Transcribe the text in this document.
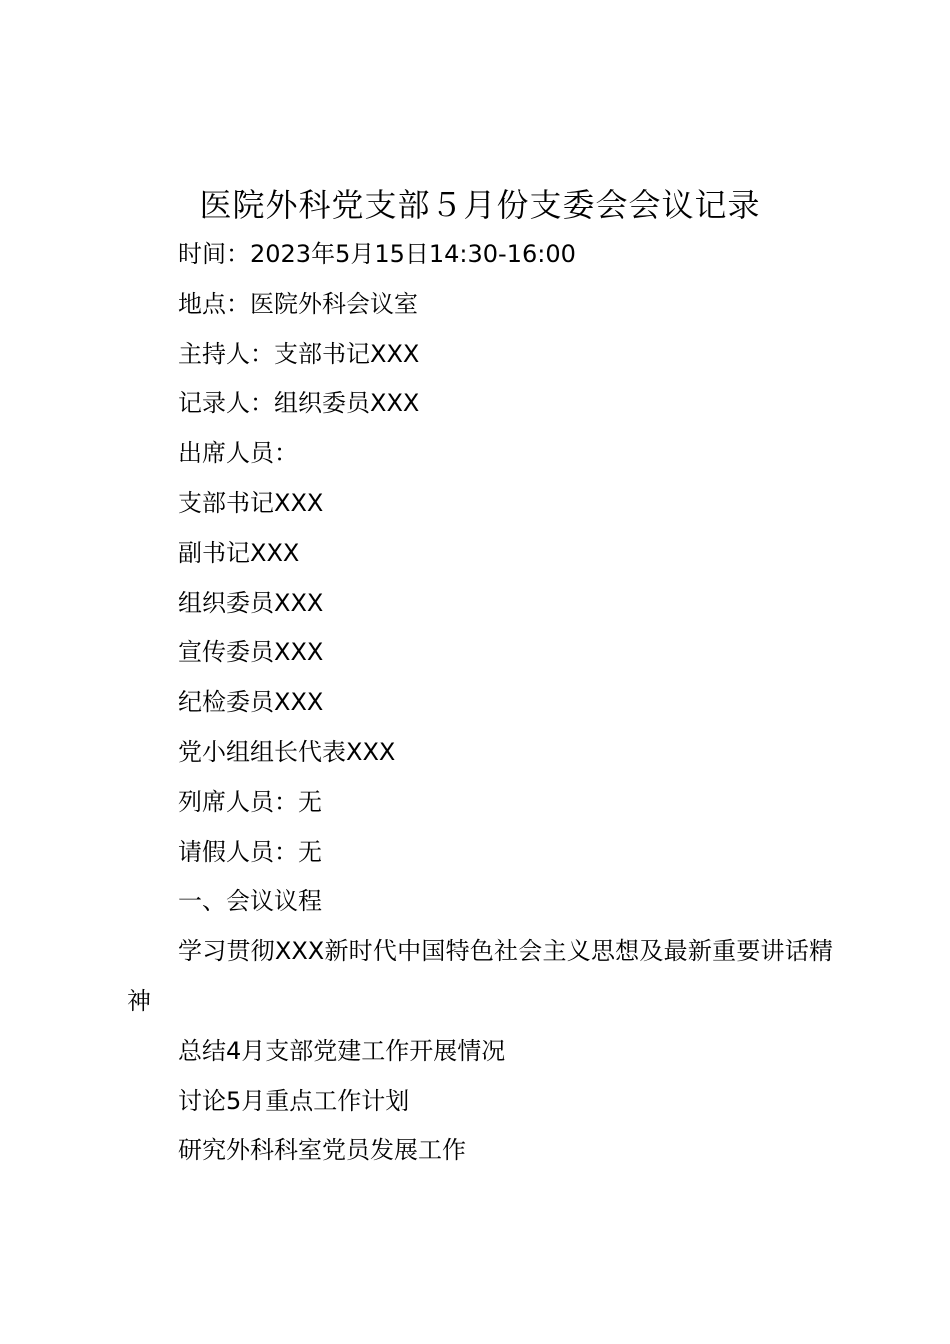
医院外科党支部５月份支委会会议记录

时间：2023年5月15日14:30-16:00

地点：医院外科会议室

主持人：支部书记XXX

记录人：组织委员XXX

出席人员：

支部书记XXX

副书记XXX

组织委员XXX

宣传委员XXX

纪检委员XXX

党小组组长代表XXX

列席人员：无

请假人员：无

一、会议议程

学习贯彻XXX新时代中国特色社会主义思想及最新重要讲话精神

总结4月支部党建工作开展情况

讨论5月重点工作计划

研究外科科室党员发展工作
